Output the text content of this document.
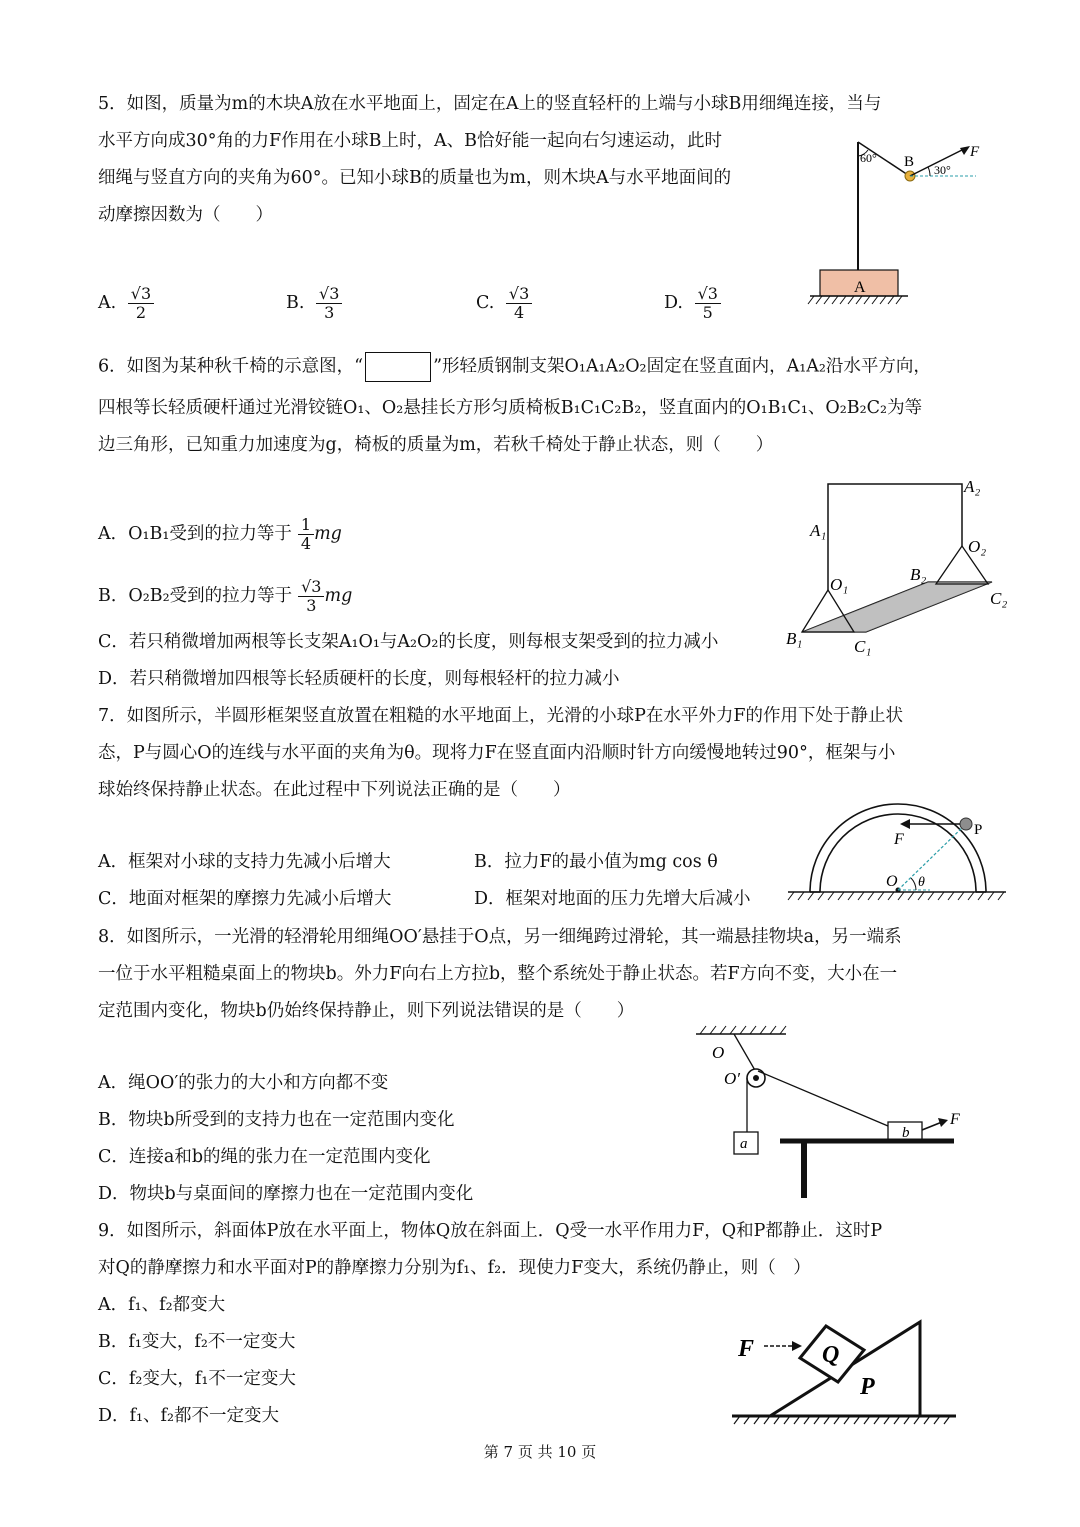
5．如图，质量为m的木块A放在水平地面上，固定在A上的竖直轻杆的上端与小球B用细绳连接，当与
水平方向成30°角的力F作用在小球B上时，A、B恰好能一起向右匀速运动，此时
细绳与竖直方向的夹角为60°。已知小球B的质量也为m，则木块A与水平地面间的
动摩擦因数为（　　）
A. $\frac{√3}{2}$	B. $\frac{√3}{3}$	C. $\frac{√3}{4}$	D. $\frac{√3}{5}$
60° B
F
30°
A
6．如图为某种秋千椅的示意图，“	”形轻质钢制支架O₁A₁A₂O₂固定在竖直面内，A₁A₂沿水平方向，
四根等长轻质硬杆通过光滑铰链O₁、O₂悬挂长方形匀质椅板B₁C₁C₂B₂，竖直面内的O₁B₁C₁、O₂B₂C₂为等
边三角形，已知重力加速度为g，椅板的质量为m，若秋千椅处于静止状态，则（　　）
A．O₁B₁受到的拉力等于 $\frac{1}{4}$ mg
B．O₂B₂受到的拉力等于 $\frac{√3}{3}$ mg
C．若只稍微增加两根等长支架A₁O₁与A₂O₂的长度，则每根支架受到的拉力减小
D．若只稍微增加四根等长轻质硬杆的长度，则每根轻杆的拉力减小
A₁
A₂
O₁
O₂
B₁
B₂
C₁
C₂
7．如图所示，半圆形框架竖直放置在粗糙的水平地面上，光滑的小球P在水平外力F的作用下处于静止状
态，P与圆心O的连线与水平面的夹角为θ。现将力F在竖直面内沿顺时针方向缓慢地转过90°，框架与小
球始终保持静止状态。在此过程中下列说法正确的是（　　）
A．框架对小球的支持力先减小后增大	B．拉力F的最小值为mg cos θ
C．地面对框架的摩擦力先减小后增大	D．框架对地面的压力先增大后减小
θ
O
P
F
8．如图所示，一光滑的轻滑轮用细绳OO′悬挂于O点，另一细绳跨过滑轮，其一端悬挂物块a，另一端系
一位于水平粗糙桌面上的物块b。外力F向右上方拉b，整个系统处于静止状态。若F方向不变，大小在一
定范围内变化，物块b仍始终保持静止，则下列说法错误的是（　　）
A．绳OO′的张力的大小和方向都不变
B．物块b所受到的支持力也在一定范围内变化
C．连接a和b的绳的张力在一定范围内变化
D．物块b与桌面间的摩擦力也在一定范围内变化
O
O′
a
b
F
9．如图所示，斜面体P放在水平面上，物体Q放在斜面上．Q受一水平作用力F，Q和P都静止．这时P
对Q的静摩擦力和水平面对P的静摩擦力分别为f₁、f₂．现使力F变大，系统仍静止，则（　）
A．f₁、f₂都变大
B．f₁变大，f₂不一定变大
C．f₂变大，f₁不一定变大
D．f₁、f₂都不一定变大
Q
P
F
第 7 页 共 10 页
